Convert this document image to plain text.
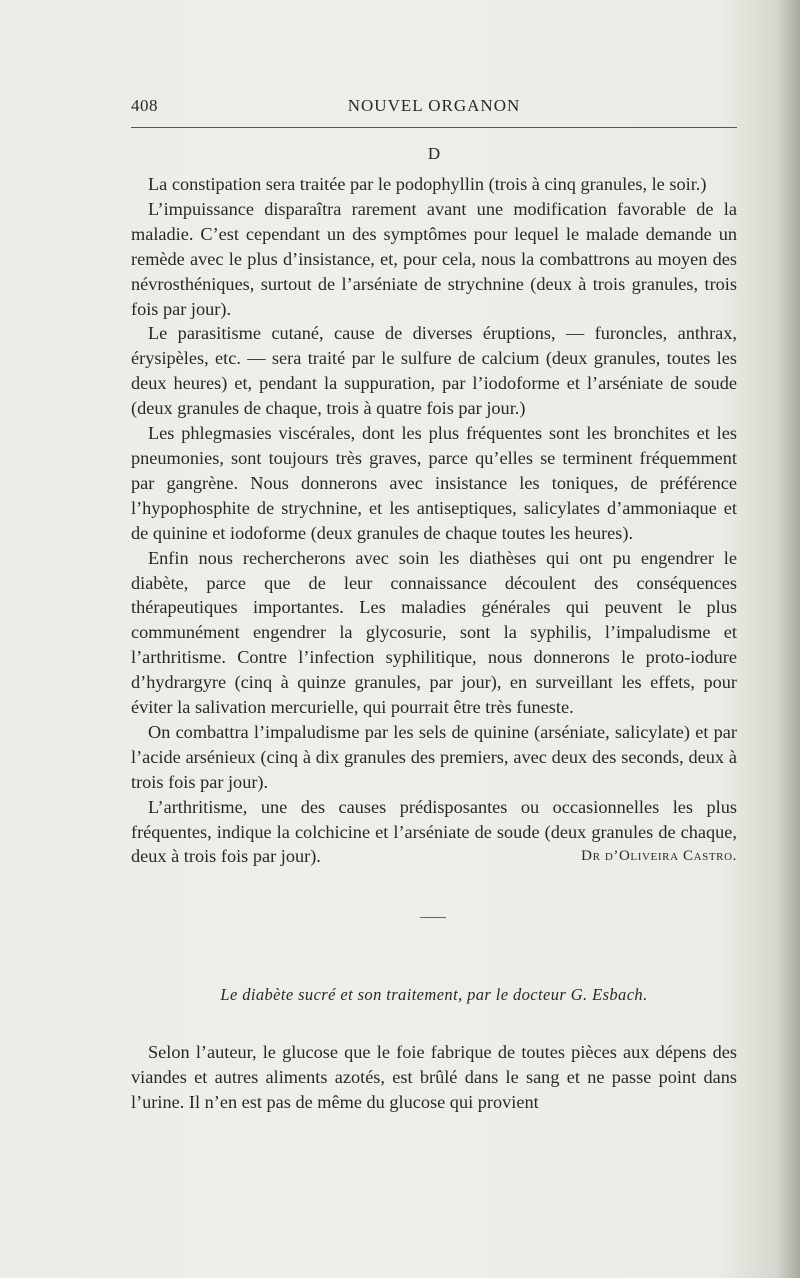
408	NOUVEL ORGANON
D

La constipation sera traitée par le podophyllin (trois à cinq granules, le soir.)

L’impuissance disparaîtra rarement avant une modification favorable de la maladie. C’est cependant un des symptômes pour lequel le malade demande un remède avec le plus d’insistance, et, pour cela, nous la combattrons au moyen des névrosthéniques, surtout de l’arséniate de strychnine (deux à trois granules, trois fois par jour).

Le parasitisme cutané, cause de diverses éruptions, — furoncles, anthrax, érysipèles, etc. — sera traité par le sulfure de calcium (deux granules, toutes les deux heures) et, pendant la suppuration, par l’iodoforme et l’arséniate de soude (deux granules de chaque, trois à quatre fois par jour.)

Les phlegmasies viscérales, dont les plus fréquentes sont les bronchites et les pneumonies, sont toujours très graves, parce qu’elles se terminent fréquemment par gangrène. Nous donnerons avec insistance les toniques, de préférence l’hypophosphite de strychnine, et les antiseptiques, salicylates d’ammoniaque et de quinine et iodoforme (deux granules de chaque toutes les heures).

Enfin nous rechercherons avec soin les diathèses qui ont pu engendrer le diabète, parce que de leur connaissance découlent des conséquences thérapeutiques importantes. Les maladies générales qui peuvent le plus communément engendrer la glycosurie, sont la syphilis, l’impaludisme et l’arthritisme. Contre l’infection syphilitique, nous donnerons le proto-iodure d’hydrargyre (cinq à quinze granules, par jour), en surveillant les effets, pour éviter la salivation mercurielle, qui pourrait être très funeste.

On combattra l’impaludisme par les sels de quinine (arséniate, salicylate) et par l’acide arsénieux (cinq à dix granules des premiers, avec deux des seconds, deux à trois fois par jour).

L’arthritisme, une des causes prédisposantes ou occasionnelles les plus fréquentes, indique la colchicine et l’arséniate de soude (deux granules de chaque, deux à trois fois par jour).	Dr d’Oliveira Castro.

Le diabète sucré et son traitement, par le docteur G. Esbach.

Selon l’auteur, le glucose que le foie fabrique de toutes pièces aux dépens des viandes et autres aliments azotés, est brûlé dans le sang et ne passe point dans l’urine. Il n’en est pas de même du glucose qui provient
